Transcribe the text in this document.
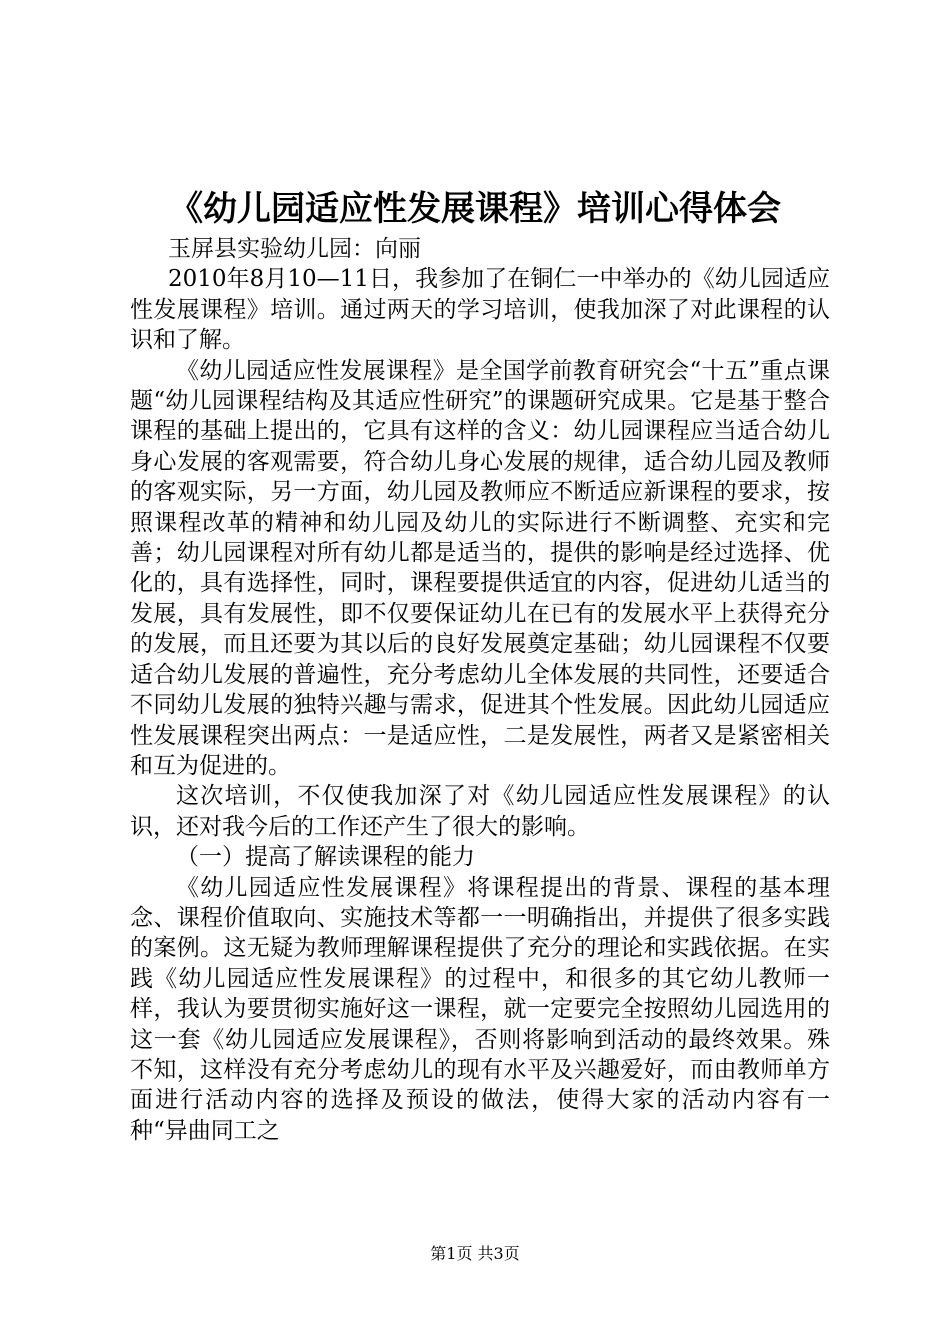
《幼儿园适应性发展课程》培训心得体会

玉屏县实验幼儿园：向丽

2010年8月10—11日，我参加了在铜仁一中举办的《幼儿园适应性发展课程》培训。通过两天的学习培训，使我加深了对此课程的认识和了解。

《幼儿园适应性发展课程》是全国学前教育研究会“十五”重点课题“幼儿园课程结构及其适应性研究”的课题研究成果。它是基于整合课程的基础上提出的，它具有这样的含义：幼儿园课程应当适合幼儿身心发展的客观需要，符合幼儿身心发展的规律，适合幼儿园及教师的客观实际，另一方面，幼儿园及教师应不断适应新课程的要求，按照课程改革的精神和幼儿园及幼儿的实际进行不断调整、充实和完善；幼儿园课程对所有幼儿都是适当的，提供的影响是经过选择、优化的，具有选择性，同时，课程要提供适宜的内容，促进幼儿适当的发展，具有发展性，即不仅要保证幼儿在已有的发展水平上获得充分的发展，而且还要为其以后的良好发展奠定基础；幼儿园课程不仅要适合幼儿发展的普遍性，充分考虑幼儿全体发展的共同性，还要适合不同幼儿发展的独特兴趣与需求，促进其个性发展。因此幼儿园适应性发展课程突出两点：一是适应性，二是发展性，两者又是紧密相关和互为促进的。

这次培训，不仅使我加深了对《幼儿园适应性发展课程》的认识，还对我今后的工作还产生了很大的影响。

（一）提高了解读课程的能力

《幼儿园适应性发展课程》将课程提出的背景、课程的基本理念、课程价值取向、实施技术等都一一明确指出，并提供了很多实践的案例。这无疑为教师理解课程提供了充分的理论和实践依据。在实践《幼儿园适应性发展课程》的过程中，和很多的其它幼儿教师一样，我认为要贯彻实施好这一课程，就一定要完全按照幼儿园选用的这一套《幼儿园适应发展课程》，否则将影响到活动的最终效果。殊不知，这样没有充分考虑幼儿的现有水平及兴趣爱好，而由教师单方面进行活动内容的选择及预设的做法，使得大家的活动内容有一种“异曲同工之

第1页 共3页
